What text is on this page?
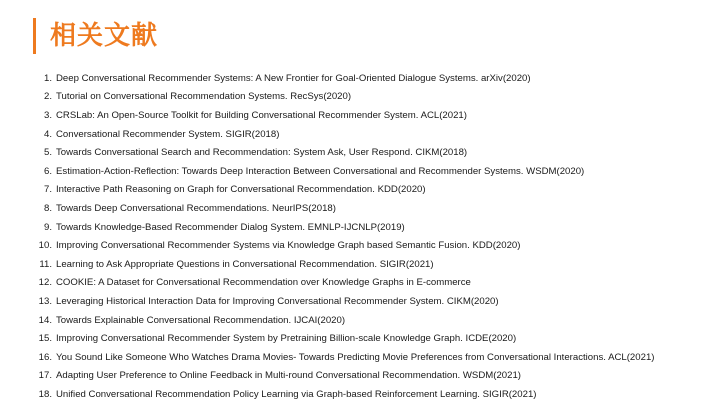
相关文献
1. Deep Conversational Recommender Systems: A New Frontier for Goal-Oriented Dialogue Systems. arXiv(2020)
2. Tutorial on Conversational Recommendation Systems. RecSys(2020)
3. CRSLab: An Open-Source Toolkit for Building Conversational Recommender System. ACL(2021)
4. Conversational Recommender System. SIGIR(2018)
5. Towards Conversational Search and Recommendation: System Ask, User Respond. CIKM(2018)
6. Estimation-Action-Reflection: Towards Deep Interaction Between Conversational and Recommender Systems. WSDM(2020)
7. Interactive Path Reasoning on Graph for Conversational Recommendation. KDD(2020)
8. Towards Deep Conversational Recommendations. NeurIPS(2018)
9. Towards Knowledge-Based Recommender Dialog System. EMNLP-IJCNLP(2019)
10. Improving Conversational Recommender Systems via Knowledge Graph based Semantic Fusion. KDD(2020)
11. Learning to Ask Appropriate Questions in Conversational Recommendation. SIGIR(2021)
12. COOKIE: A Dataset for Conversational Recommendation over Knowledge Graphs in E-commerce
13. Leveraging Historical Interaction Data for Improving Conversational Recommender System. CIKM(2020)
14. Towards Explainable Conversational Recommendation. IJCAI(2020)
15. Improving Conversational Recommender System by Pretraining Billion-scale Knowledge Graph. ICDE(2020)
16. You Sound Like Someone Who Watches Drama Movies- Towards Predicting Movie Preferences from Conversational Interactions. ACL(2021)
17. Adapting User Preference to Online Feedback in Multi-round Conversational Recommendation. WSDM(2021)
18. Unified Conversational Recommendation Policy Learning via Graph-based Reinforcement Learning. SIGIR(2021)
